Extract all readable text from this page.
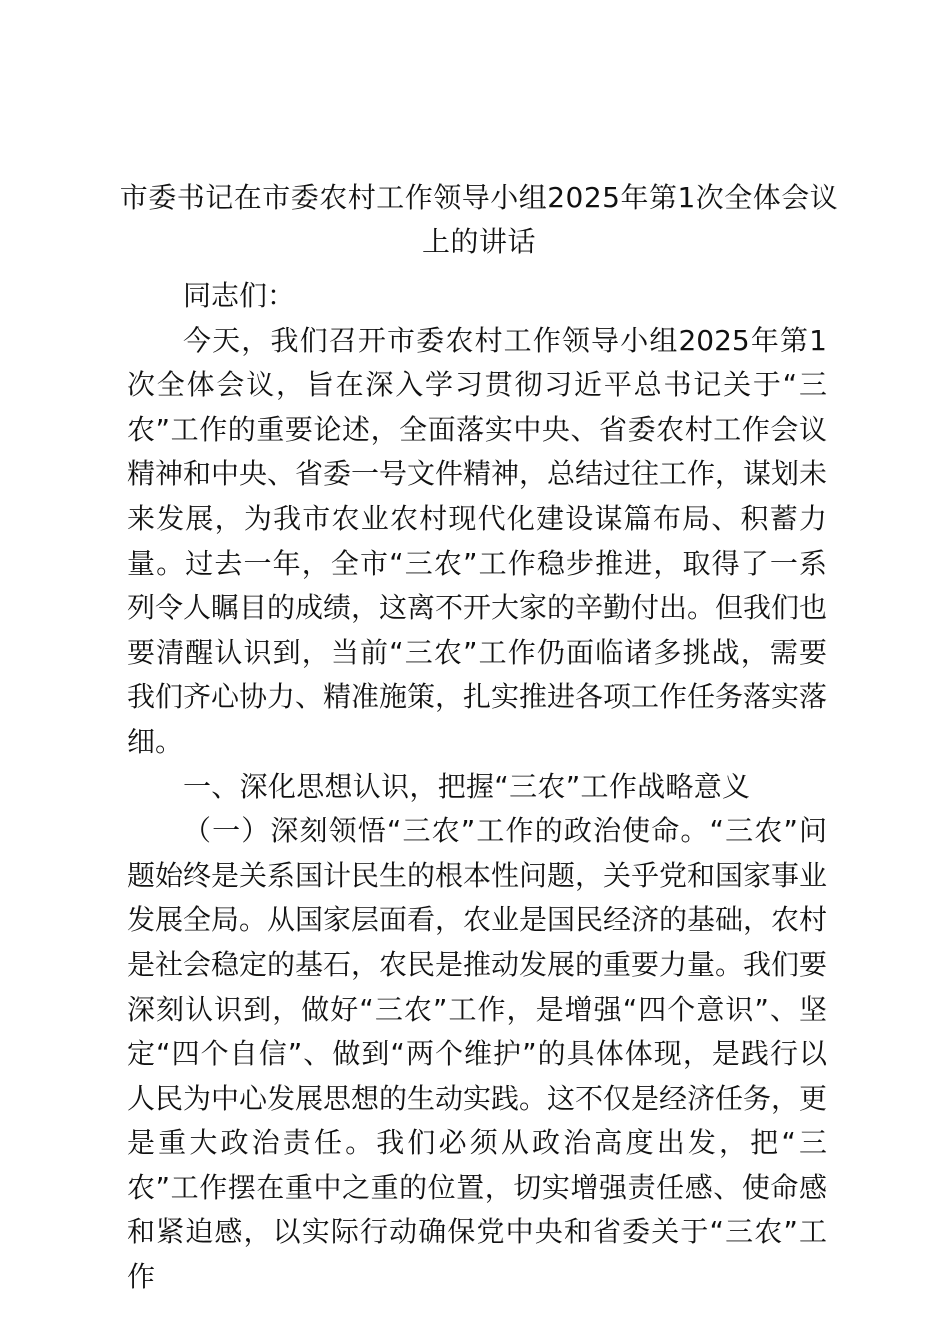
市委书记在市委农村工作领导小组2025年第1次全体会议上的讲话

同志们：

今天，我们召开市委农村工作领导小组2025年第1次全体会议，旨在深入学习贯彻习近平总书记关于“三农”工作的重要论述，全面落实中央、省委农村工作会议精神和中央、省委一号文件精神，总结过往工作，谋划未来发展，为我市农业农村现代化建设谋篇布局、积蓄力量。过去一年，全市“三农”工作稳步推进，取得了一系列令人瞩目的成绩，这离不开大家的辛勤付出。但我们也要清醒认识到，当前“三农”工作仍面临诸多挑战，需要我们齐心协力、精准施策，扎实推进各项工作任务落实落细。

一、深化思想认识，把握“三农”工作战略意义

（一）深刻领悟“三农”工作的政治使命。“三农”问题始终是关系国计民生的根本性问题，关乎党和国家事业发展全局。从国家层面看，农业是国民经济的基础，农村是社会稳定的基石，农民是推动发展的重要力量。我们要深刻认识到，做好“三农”工作，是增强“四个意识”、坚定“四个自信”、做到“两个维护”的具体体现，是践行以人民为中心发展思想的生动实践。这不仅是经济任务，更是重大政治责任。我们必须从政治高度出发，把“三农”工作摆在重中之重的位置，切实增强责任感、使命感和紧迫感，以实际行动确保党中央和省委关于“三农”工作
